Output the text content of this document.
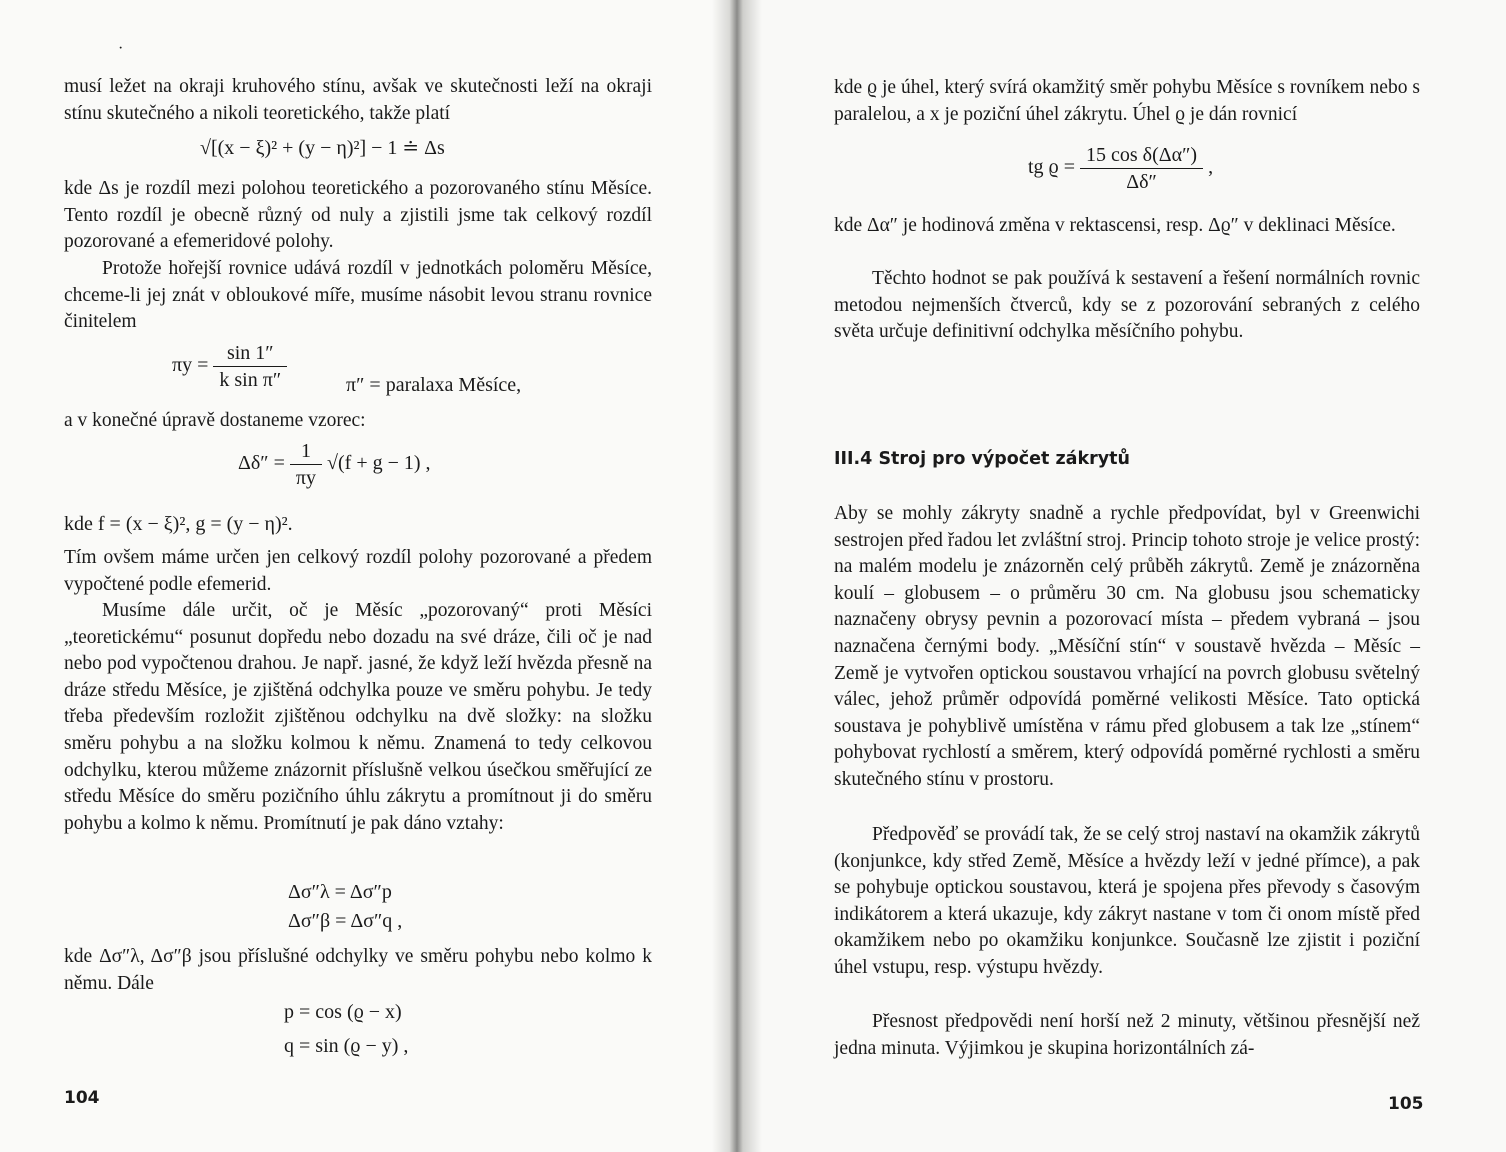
·
musí ležet na okraji kruhového stínu, avšak ve skutečnosti leží na okraji stínu skutečného a nikoli teoretického, takže platí
√[(x − ξ)² + (y − η)²] − 1 ≐ Δs
kde Δs je rozdíl mezi polohou teoretického a pozorovaného stínu Měsíce. Tento rozdíl je obecně různý od nuly a zjistili jsme tak celkový rozdíl pozorované a efemeridové polohy.
Protože hořejší rovnice udává rozdíl v jednotkách poloměru Měsíce, chceme-li jej znát v obloukové míře, musíme násobit levou stranu rovnice činitelem
$\pi y = \frac{\sin 1''}{\text{k sin π″}}$	π″ = paralaxa Měsíce,
a v konečné úpravě dostaneme vzorec:
$\Delta\delta'' = \frac{1}{\pi y} √(f + g - 1)$ ,
kde f = (x − ξ)², g = (y − η)².
Tím ovšem máme určen jen celkový rozdíl polohy pozorované a předem vypočtené podle efemerid.
Musíme dále určit, oč je Měsíc „pozorovaný“ proti Měsíci „teoretickému“ posunut dopředu nebo dozadu na své dráze, čili oč je nad nebo pod vypočtenou drahou. Je např. jasné, že když leží hvězda přesně na dráze středu Měsíce, je zjištěná odchylka pouze ve směru pohybu. Je tedy třeba především rozložit zjištěnou odchylku na dvě složky: na složku směru pohybu a na složku kolmou k němu. Znamená to tedy celkovou odchylku, kterou můžeme znázornit příslušně velkou úsečkou směřující ze středu Měsíce do směru pozičního úhlu zákrytu a promítnout ji do směru pohybu a kolmo k němu. Promítnutí je pak dáno vztahy:
Δσ″λ = Δσ″p
Δσ″β = Δσ″q ,
kde Δσ″λ, Δσ″β jsou příslušné odchylky ve směru pohybu nebo kolmo k němu. Dále
p = cos (ϱ − x)
q = sin (ϱ − y) ,
104
kde ϱ je úhel, který svírá okamžitý směr pohybu Měsíce s rovníkem nebo s paralelou, a x je poziční úhel zákrytu. Úhel ϱ je dán rovnicí
tg $ϱ = \frac{\text{15 cos δ(Δα″)}}{\Delta\delta''}$ ,
kde Δα″ je hodinová změna v rektascensi, resp. Δϱ″ v deklinaci Měsíce.
Těchto hodnot se pak používá k sestavení a řešení normálních rovnic metodou nejmenších čtverců, kdy se z pozorování sebraných z celého světa určuje definitivní odchylka měsíčního pohybu.
III.4 Stroj pro výpočet zákrytů
Aby se mohly zákryty snadně a rychle předpovídat, byl v Greenwichi sestrojen před řadou let zvláštní stroj. Princip tohoto stroje je velice prostý: na malém modelu je znázorněn celý průběh zákrytů. Země je znázorněna koulí – globusem – o průměru 30 cm. Na globusu jsou schematicky naznačeny obrysy pevnin a pozorovací místa – předem vybraná – jsou naznačena černými body. „Měsíční stín“ v soustavě hvězda – Měsíc – Země je vytvořen optickou soustavou vrhající na povrch globusu světelný válec, jehož průměr odpovídá poměrné velikosti Měsíce. Tato optická soustava je pohyblivě umístěna v rámu před globusem a tak lze „stínem“ pohybovat rychlostí a směrem, který odpovídá poměrné rychlosti a směru skutečného stínu v prostoru.
Předpověď se provádí tak, že se celý stroj nastaví na okamžik zákrytů (konjunkce, kdy střed Země, Měsíce a hvězdy leží v jedné přímce), a pak se pohybuje optickou soustavou, která je spojena přes převody s časovým indikátorem a která ukazuje, kdy zákryt nastane v tom či onom místě před okamžikem nebo po okamžiku konjunkce. Současně lze zjistit i poziční úhel vstupu, resp. výstupu hvězdy.
Přesnost předpovědi není horší než 2 minuty, většinou přesnější než jedna minuta. Výjimkou je skupina horizontálních zá-
105
